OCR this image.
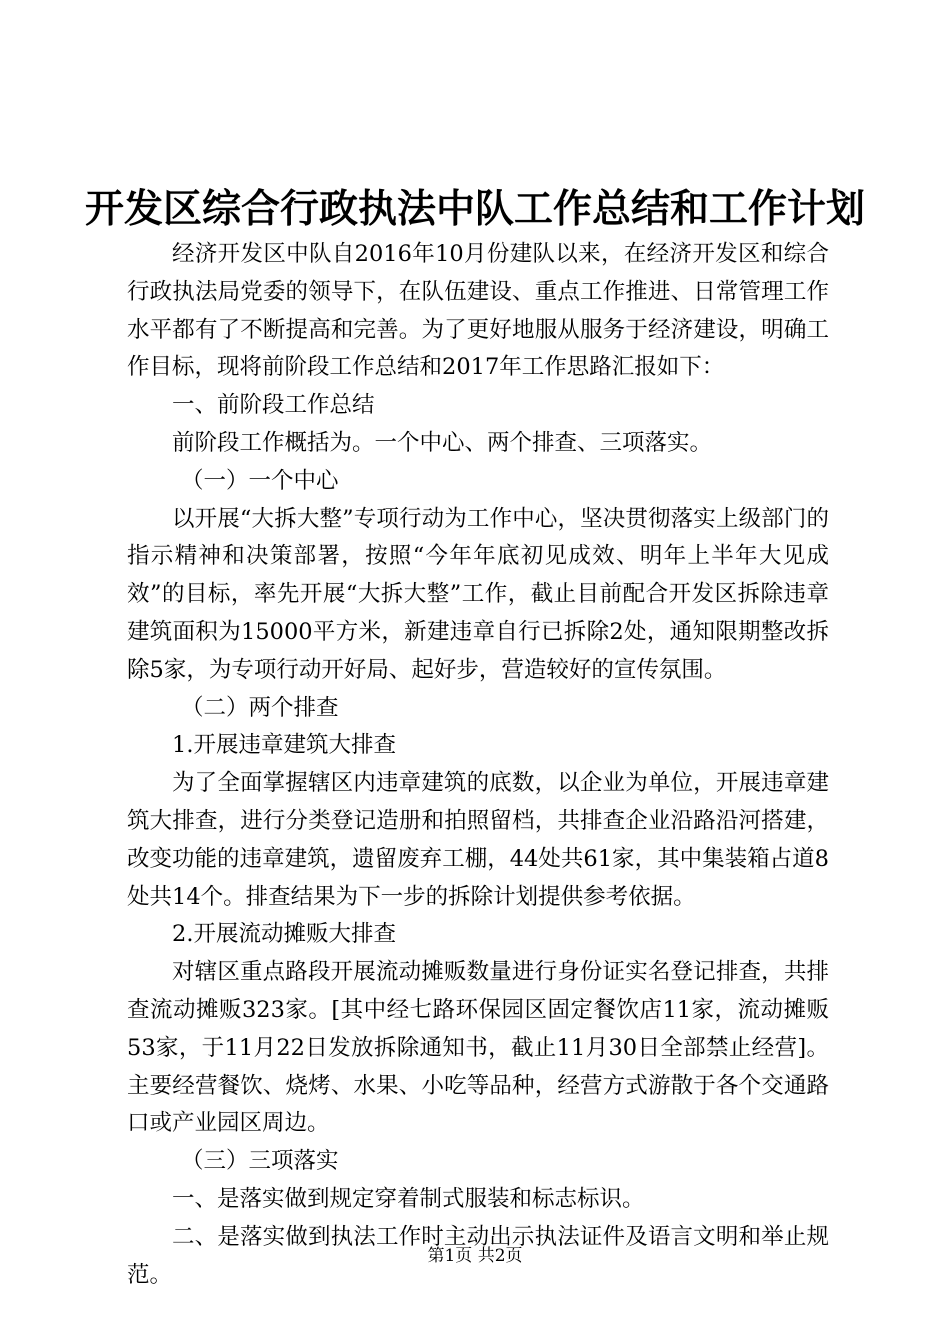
开发区综合行政执法中队工作总结和工作计划

经济开发区中队自2016年10月份建队以来，在经济开发区和综合行政执法局党委的领导下，在队伍建设、重点工作推进、日常管理工作水平都有了不断提高和完善。为了更好地服从服务于经济建设，明确工作目标，现将前阶段工作总结和2017年工作思路汇报如下：

一、前阶段工作总结

前阶段工作概括为。一个中心、两个排查、三项落实。

（一）一个中心

以开展“大拆大整”专项行动为工作中心，坚决贯彻落实上级部门的指示精神和决策部署，按照“今年年底初见成效、明年上半年大见成效”的目标，率先开展“大拆大整”工作，截止目前配合开发区拆除违章建筑面积为15000平方米，新建违章自行已拆除2处，通知限期整改拆除5家，为专项行动开好局、起好步，营造较好的宣传氛围。

（二）两个排查

1.开展违章建筑大排查

为了全面掌握辖区内违章建筑的底数，以企业为单位，开展违章建筑大排查，进行分类登记造册和拍照留档，共排查企业沿路沿河搭建，改变功能的违章建筑，遗留废弃工棚，44处共61家，其中集装箱占道8处共14个。排查结果为下一步的拆除计划提供参考依据。

2.开展流动摊贩大排查

对辖区重点路段开展流动摊贩数量进行身份证实名登记排查，共排查流动摊贩323家。[其中经七路环保园区固定餐饮店11家，流动摊贩53家，于11月22日发放拆除通知书，截止11月30日全部禁止经营]。主要经营餐饮、烧烤、水果、小吃等品种，经营方式游散于各个交通路口或产业园区周边。

（三）三项落实

一、是落实做到规定穿着制式服装和标志标识。

二、是落实做到执法工作时主动出示执法证件及语言文明和举止规范。

第1页 共2页
